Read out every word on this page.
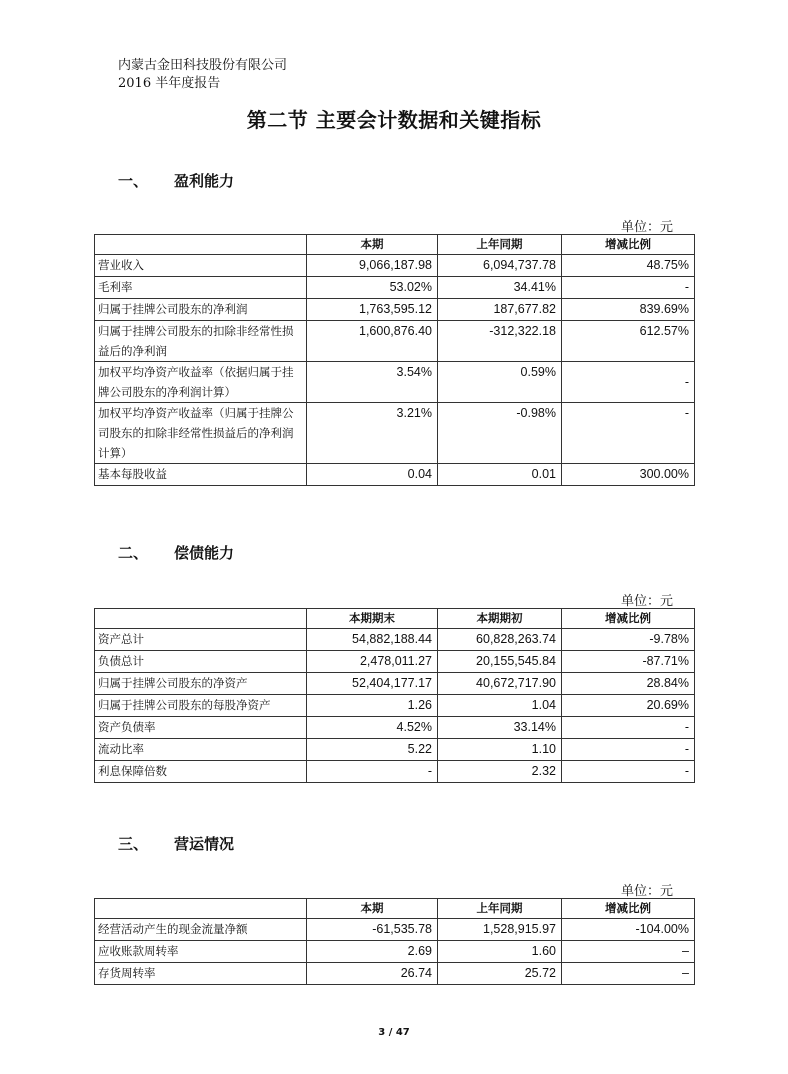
内蒙古金田科技股份有限公司
2016 半年度报告
第二节 主要会计数据和关键指标
一、 盈利能力
单位：元
	本期	上年同期	增减比例
营业收入	9,066,187.98	6,094,737.78	48.75%
毛利率	53.02%	34.41%	-
归属于挂牌公司股东的净利润	1,763,595.12	187,677.82	839.69%
归属于挂牌公司股东的扣除非经常性损益后的净利润	1,600,876.40	-312,322.18	612.57%
加权平均净资产收益率（依据归属于挂牌公司股东的净利润计算）	3.54%	0.59%	-
加权平均净资产收益率（归属于挂牌公司股东的扣除非经常性损益后的净利润计算）	3.21%	-0.98%	-
基本每股收益	0.04	0.01	300.00%
二、 偿债能力
单位：元
	本期期末	本期期初	增减比例
资产总计	54,882,188.44	60,828,263.74	-9.78%
负债总计	2,478,011.27	20,155,545.84	-87.71%
归属于挂牌公司股东的净资产	52,404,177.17	40,672,717.90	28.84%
归属于挂牌公司股东的每股净资产	1.26	1.04	20.69%
资产负债率	4.52%	33.14%	-
流动比率	5.22	1.10	-
利息保障倍数	-	2.32	-
三、 营运情况
单位：元
	本期	上年同期	增减比例
经营活动产生的现金流量净额	-61,535.78	1,528,915.97	-104.00%
应收账款周转率	2.69	1.60	–
存货周转率	26.74	25.72	–
3 / 47
